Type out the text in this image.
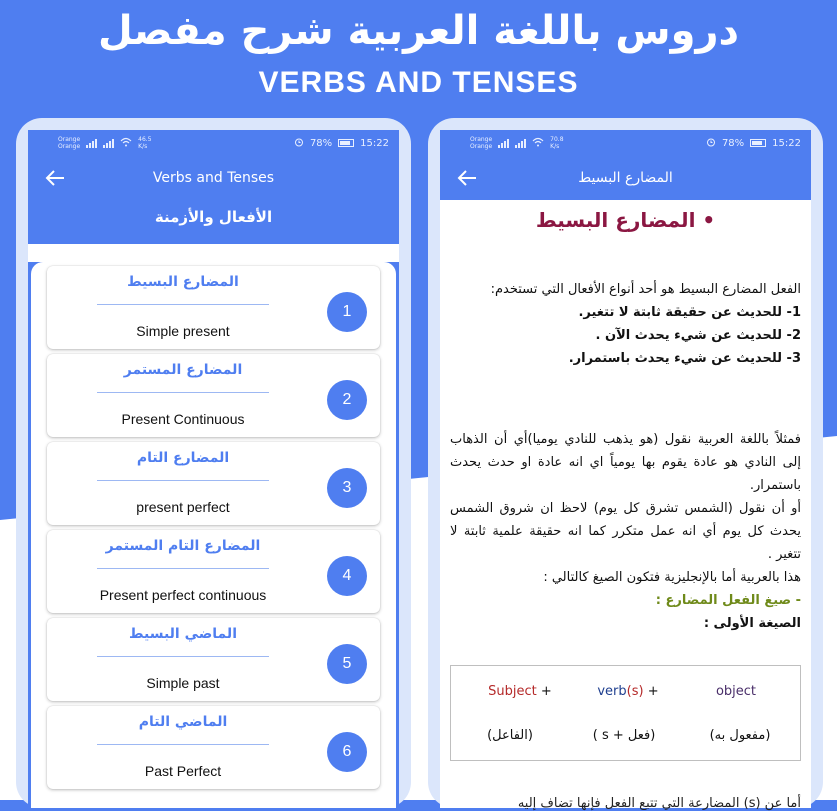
دروس باللغة العربية شرح مفصل
VERBS AND TENSES
Orange
Orange
46.5
K/s	78%	15:22
Verbs and Tenses
الأفعال والأزمنة
المضارع البسيط
Simple present
1
المضارع المستمر
Present Continuous
2
المضارع التام
present perfect
3
المضارع التام المستمر
Present perfect continuous
4
الماضي البسيط
Simple past
5
الماضي التام
Past Perfect
6
Orange
Orange
70.8
K/s	78%	15:22
المضارع البسيط
• المضارع البسيط
الفعل المضارع البسيط هو أحد أنواع الأفعال التي تستخدم:
1- للحديث عن حقيقة ثابتة لا تتغير.
2- للحديث عن شيء يحدث الآن .
3- للحديث عن شيء يحدث باستمرار.
فمثلاً باللغة العربية نقول (هو يذهب للنادي يوميا)أي أن الذهاب إلى النادي هو عادة يقوم بها يومياً اي انه عادة او حدث يحدث باستمرار.
أو أن نقول (الشمس تشرق كل يوم) لاحظ ان شروق الشمس يحدث كل يوم أي انه عمل متكرر كما انه حقيقة علمية ثابتة لا تتغير .
هذا بالعربية أما بالإنجليزية فتكون الصيغ كالتالي :
- صيغ الفعل المضارع :
الصيغة الأولى :
Subject +	verb(s) +	object
(الفاعل)	(فعل + s )	(مفعول به)
أما عن (s) المضارعة التي تتبع الفعل فإنها تضاف إليه
